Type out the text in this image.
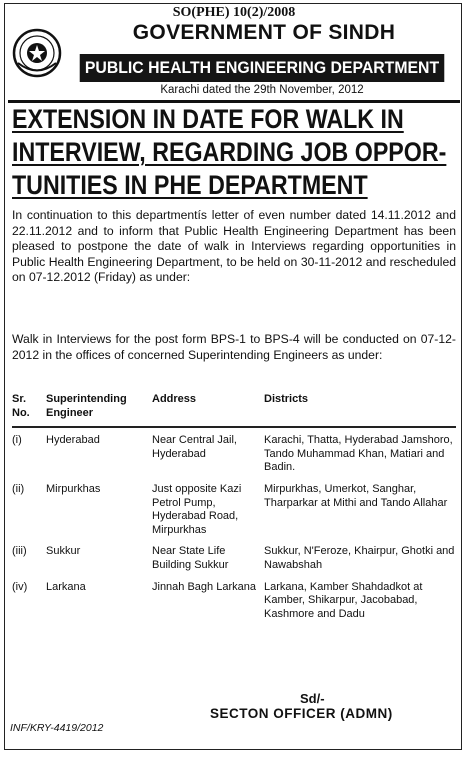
SO(PHE) 10(2)/2008
GOVERNMENT OF SINDH
PUBLIC HEALTH ENGINEERING DEPARTMENT
Karachi dated the 29th November, 2012
EXTENSION IN DATE FOR WALK IN
INTERVIEW, REGARDING JOB OPPOR-
TUNITIES IN PHE DEPARTMENT
In continuation to this departmentís letter of even number dated 14.11.2012 and 22.11.2012 and to inform that Public Health Engineering Department has been pleased to postpone the date of walk in Interviews regarding opportunities in Public Health Engineering Department, to be held on 30-11-2012 and rescheduled on 07-12.2012 (Friday) as under:
Walk in Interviews for the post form BPS-1 to BPS-4 will be conducted on 07-12-2012 in the offices of concerned Superintending Engineers as under:
Sr. No.	Superintending Engineer	Address	Districts
(i)	Hyderabad	Near Central Jail, Hyderabad	Karachi, Thatta, Hyderabad Jamshoro, Tando Muhammad Khan, Matiari and Badin.
(ii)	Mirpurkhas	Just opposite Kazi Petrol Pump, Hyderabad Road, Mirpurkhas	Mirpurkhas, Umerkot, Sanghar, Tharparkar at Mithi and Tando Allahar
(iii)	Sukkur	Near State Life Building Sukkur	Sukkur, N'Feroze, Khairpur, Ghotki and Nawabshah
(iv)	Larkana	Jinnah Bagh Larkana	Larkana, Kamber Shahdadkot at Kamber, Shikarpur, Jacobabad, Kashmore and Dadu
Sd/-
SECTON OFFICER (ADMN)
INF/KRY-4419/2012
